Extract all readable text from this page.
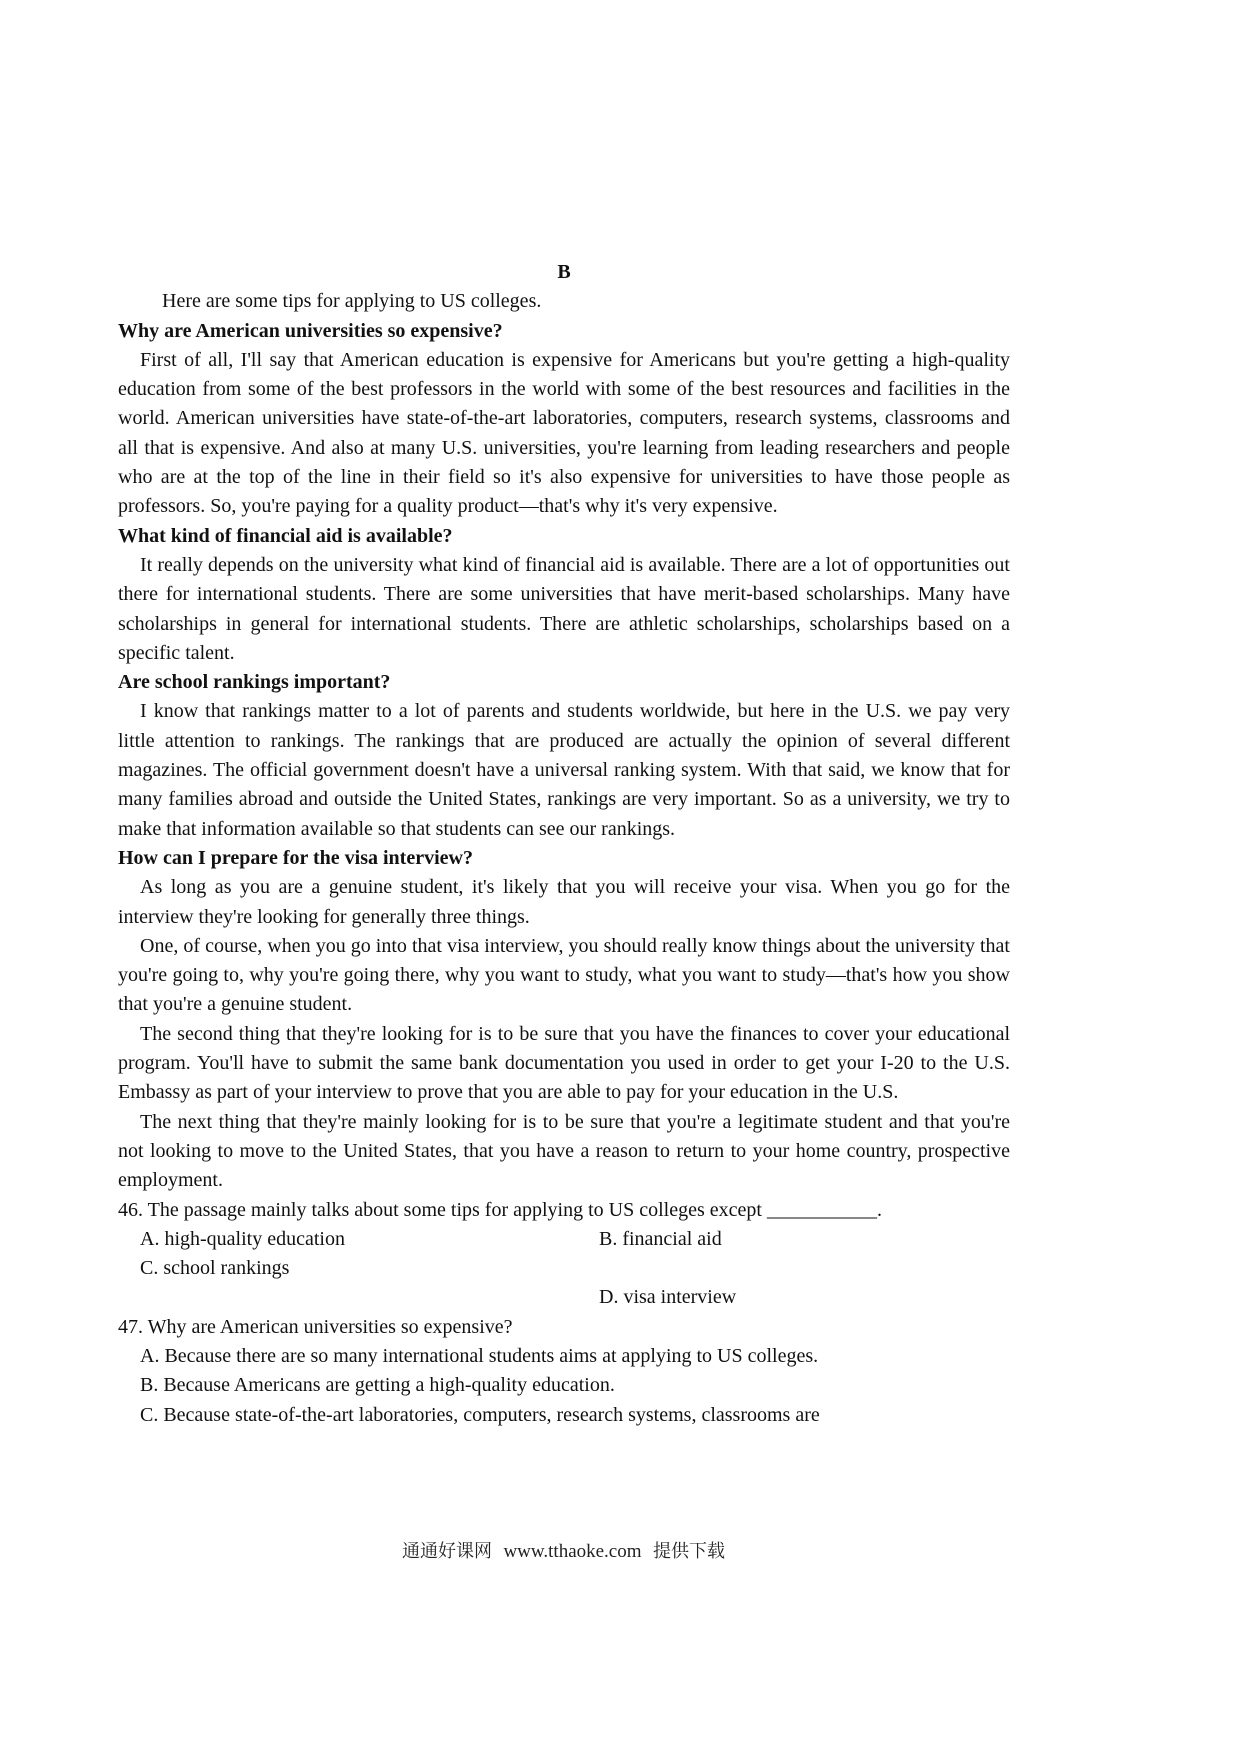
B
Here are some tips for applying to US colleges.
Why are American universities so expensive?
First of all, I'll say that American education is expensive for Americans but you're getting a high-quality education from some of the best professors in the world with some of the best resources and facilities in the world. American universities have state-of-the-art laboratories, computers, research systems, classrooms and all that is expensive. And also at many U.S. universities, you're learning from leading researchers and people who are at the top of the line in their field so it's also expensive for universities to have those people as professors. So, you're paying for a quality product—that's why it's very expensive.
What kind of financial aid is available?
It really depends on the university what kind of financial aid is available. There are a lot of opportunities out there for international students. There are some universities that have merit-based scholarships. Many have scholarships in general for international students. There are athletic scholarships, scholarships based on a specific talent.
Are school rankings important?
I know that rankings matter to a lot of parents and students worldwide, but here in the U.S. we pay very little attention to rankings. The rankings that are produced are actually the opinion of several different magazines. The official government doesn't have a universal ranking system. With that said, we know that for many families abroad and outside the United States, rankings are very important. So as a university, we try to make that information available so that students can see our rankings.
How can I prepare for the visa interview?
As long as you are a genuine student, it's likely that you will receive your visa. When you go for the interview they're looking for generally three things.
One, of course, when you go into that visa interview, you should really know things about the university that you're going to, why you're going there, why you want to study, what you want to study—that's how you show that you're a genuine student.
The second thing that they're looking for is to be sure that you have the finances to cover your educational program. You'll have to submit the same bank documentation you used in order to get your I-20 to the U.S. Embassy as part of your interview to prove that you are able to pay for your education in the U.S.
The next thing that they're mainly looking for is to be sure that you're a legitimate student and that you're not looking to move to the United States, that you have a reason to return to your home country, prospective employment.
46. The passage mainly talks about some tips for applying to US colleges except ___________.
A. high-quality education	B. financial aid
C. school rankings
D. visa interview
47. Why are American universities so expensive?
A. Because there are so many international students aims at applying to US colleges.
B. Because Americans are getting a high-quality education.
C. Because state-of-the-art laboratories, computers, research systems, classrooms are
通通好课网 www.tthaoke.com 提供下载
